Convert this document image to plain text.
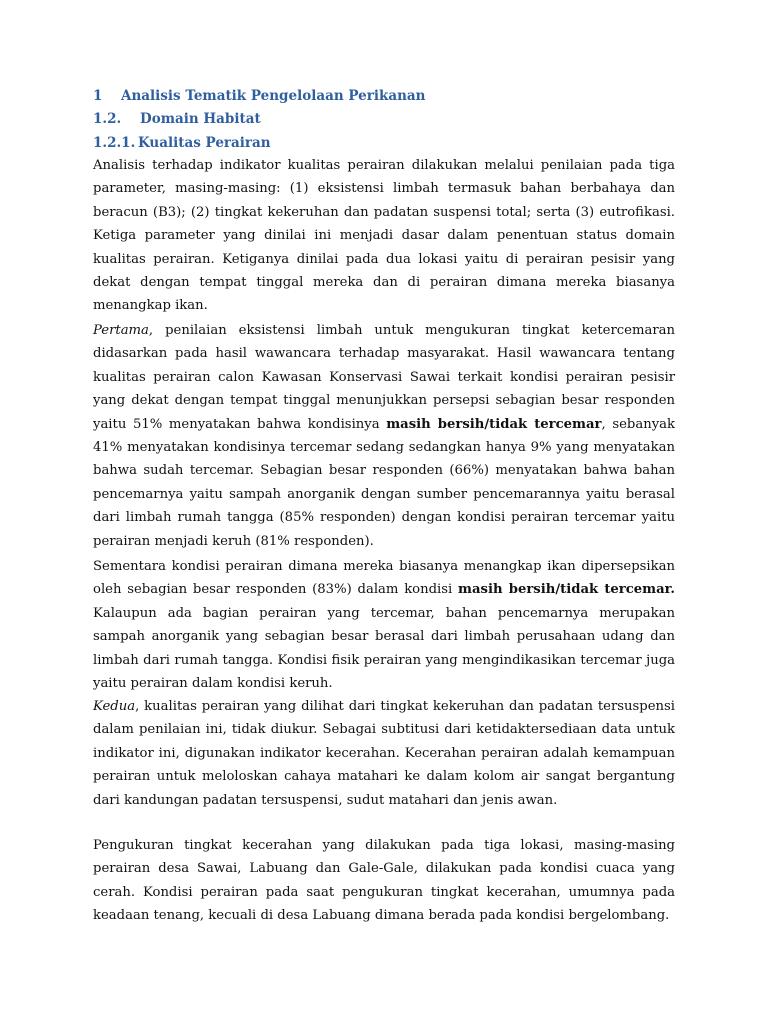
1 Analisis Tematik Pengelolaan Perikanan
1.2. Domain Habitat
1.2.1. Kualitas Perairan

Analisis terhadap indikator kualitas perairan dilakukan melalui penilaian pada tiga parameter, masing-masing: (1) eksistensi limbah termasuk bahan berbahaya dan beracun (B3); (2) tingkat kekeruhan dan padatan suspensi total; serta (3) eutrofikasi. Ketiga parameter yang dinilai ini menjadi dasar dalam penentuan status domain kualitas perairan. Ketiganya dinilai pada dua lokasi yaitu di perairan pesisir yang dekat dengan tempat tinggal mereka dan di perairan dimana mereka biasanya menangkap ikan.

Pertama, penilaian eksistensi limbah untuk mengukuran tingkat ketercemaran didasarkan pada hasil wawancara terhadap masyarakat. Hasil wawancara tentang kualitas perairan calon Kawasan Konservasi Sawai terkait kondisi perairan pesisir yang dekat dengan tempat tinggal menunjukkan persepsi sebagian besar responden yaitu 51% menyatakan bahwa kondisinya masih bersih/tidak tercemar, sebanyak 41% menyatakan kondisinya tercemar sedang sedangkan hanya 9% yang menyatakan bahwa sudah tercemar. Sebagian besar responden (66%) menyatakan bahwa bahan pencemarnya yaitu sampah anorganik dengan sumber pencemarannya yaitu berasal dari limbah rumah tangga (85% responden) dengan kondisi perairan tercemar yaitu perairan menjadi keruh (81% responden).

Sementara kondisi perairan dimana mereka biasanya menangkap ikan dipersepsikan oleh sebagian besar responden (83%) dalam kondisi masih bersih/tidak tercemar. Kalaupun ada bagian perairan yang tercemar, bahan pencemarnya merupakan sampah anorganik yang sebagian besar berasal dari limbah perusahaan udang dan limbah dari rumah tangga. Kondisi fisik perairan yang mengindikasikan tercemar juga yaitu perairan dalam kondisi keruh.

Kedua, kualitas perairan yang dilihat dari tingkat kekeruhan dan padatan tersuspensi dalam penilaian ini, tidak diukur. Sebagai subtitusi dari ketidaktersediaan data untuk indikator ini, digunakan indikator kecerahan. Kecerahan perairan adalah kemampuan perairan untuk meloloskan cahaya matahari ke dalam kolom air sangat bergantung dari kandungan padatan tersuspensi, sudut matahari dan jenis awan.

Pengukuran tingkat kecerahan yang dilakukan pada tiga lokasi, masing-masing perairan desa Sawai, Labuang dan Gale-Gale, dilakukan pada kondisi cuaca yang cerah. Kondisi perairan pada saat pengukuran tingkat kecerahan, umumnya pada keadaan tenang, kecuali di desa Labuang dimana berada pada kondisi bergelombang.
